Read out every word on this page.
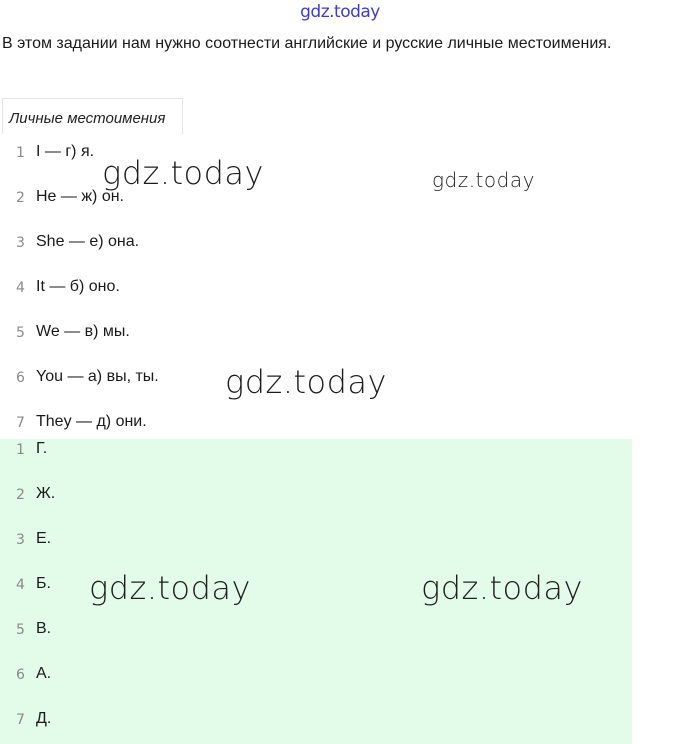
gdz.today
В этом задании нам нужно соотнести английские и русские личные местоимения.
Личные местоимения
1 I — г) я.
2 He — ж) он.
3 She — е) она.
4 It — б) оно.
5 We — в) мы.
6 You — а) вы, ты.
7 They — д) они.
1 Г.
2 Ж.
3 Е.
4 Б.
5 В.
6 А.
7 Д.
gdz.today	gdz.today
gdz.today
gdz.today	gdz.today
